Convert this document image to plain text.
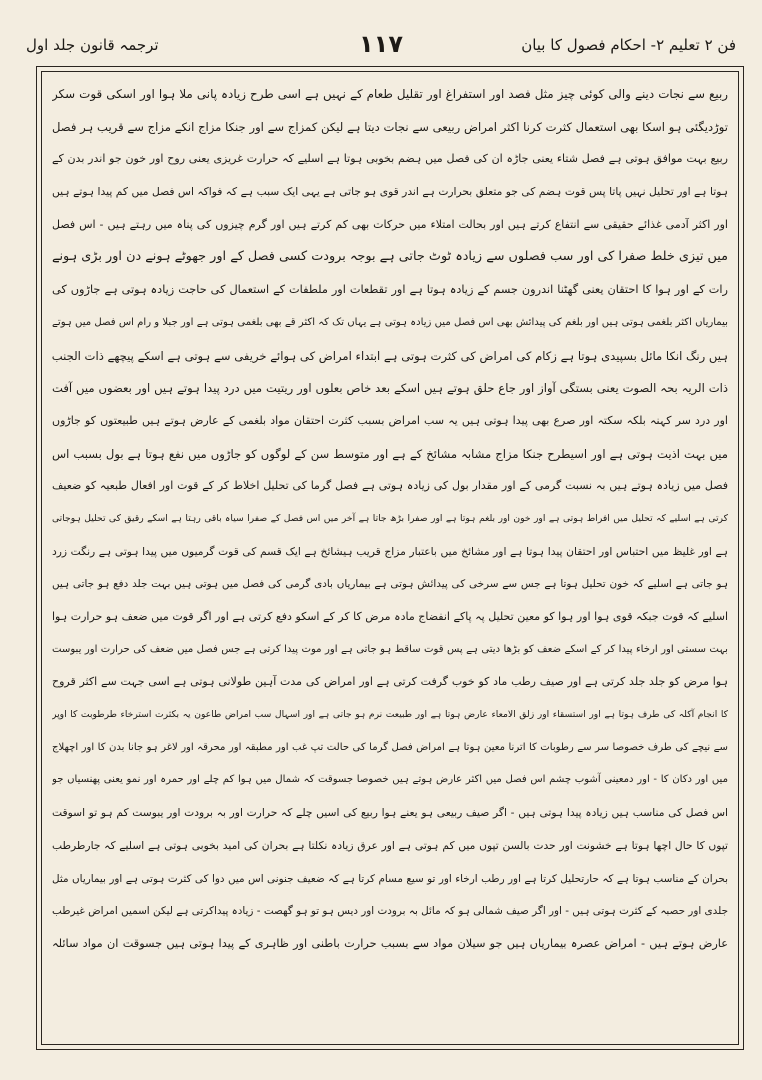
فن ۲ تعلیم ۲- احکام فصول کا بیان
۱۱۷
ترجمہ قانون جلد اول
ربیع سے نجات دینے والی کوئی چیز مثل فصد اور استفراغ اور تقلیل طعام کے نہیں ہے اسی طرح زیادہ پانی ملا ہوا اور اسکی قوت سکر
توڑدیگئی ہو اسکا بھی استعمال کثرت کرنا اکثر امراض ربیعی سے نجات دیتا ہے لیکن کمزاج سے اور جنکا مزاج انکے مزاج سے قریب ہر فصل
ربیع بہت موافق ہوتی ہے فصل شتاء یعنی جاڑہ ان کی فصل میں ہضم بخوبی ہوتا ہے اسلیے کہ حرارت غریزی یعنی روح اور خون جو اندر بدن کے
ہوتا ہے اور تحلیل نہیں پاتا پس قوت ہضم کی جو متعلق بحرارت ہے اندر قوی ہو جاتی ہے یہی ایک سبب ہے کہ فواکہ اس فصل میں کم پیدا ہوتے ہیں
اور اکثر آدمی غذائے حقیقی سے انتفاع کرتے ہیں اور بحالت امتلاء میں حرکات بھی کم کرتے ہیں اور گرم چیزوں کی پناہ میں رہتے ہیں - اس فصل
میں تیزی خلط صفرا کی اور سب فصلوں سے زیادہ ٹوٹ جاتی ہے بوجہ برودت کسی فصل کے اور جھوٹے ہونے دن اور بڑی ہونے
رات کے اور ہوا کا احتقان یعنی گھٹنا اندرون جسم کے زیادہ ہوتا ہے اور تقطعات اور ملطفات کے استعمال کی حاجت زیادہ ہوتی ہے جاڑوں کی
بیماریاں اکثر بلغمی ہوتی ہیں اور بلغم کی پیدائش بھی اس فصل میں زیادہ ہوتی ہے یہاں تک کہ اکثر قے بھی بلغمی ہوتی ہے اور جبلا و رام اس فصل میں ہوتے
ہیں رنگ انکا مائل بسپیدی ہوتا ہے زکام کی امراض کی کثرت ہوتی ہے ابتداء امراض کی ہوائے خریفی سے ہوتی ہے اسکے پیچھے ذات الجنب
ذات الریہ بحہ الصوت یعنی بستگی آواز اور جاع حلق ہوتے ہیں اسکے بعد خاص بعلوں اور ریتیت میں درد پیدا ہوتے ہیں اور بعضوں میں آفت
اور درد سر کہنہ بلکہ سکتہ اور صرع بھی پیدا ہوتی ہیں یہ سب امراض بسبب کثرت احتقان مواد بلغمی کے عارض ہوتے ہیں طبیعتوں کو جاڑوں
میں بہت اذیت ہوتی ہے اور اسیطرح جنکا مزاج مشابہ مشائخ کے ہے اور متوسط سن کے لوگوں کو جاڑوں میں نفع ہوتا ہے بول بسبب اس
فصل میں زیادہ ہوتے ہیں بہ نسبت گرمی کے اور مقدار بول کی زیادہ ہوتی ہے فصل گرما کی تحلیل اخلاط کر کے قوت اور افعال طبعیہ کو ضعیف
کرتی ہے اسلیے کہ تحلیل میں افراط ہوتی ہے اور خون اور بلغم ہوتا ہے اور صفرا بڑھ جاتا ہے آخر میں اس فصل کے صفرا سیاہ باقی رہتا ہے اسکے رقیق کی تحلیل ہوجاتی
ہے اور غلیظ میں احتباس اور احتقان پیدا ہوتا ہے اور مشائخ میں باعتبار مزاج قریب ہیشائخ ہے ایک قسم کی قوت گرمیوں میں پیدا ہوتی ہے رنگت زرد
ہو جاتی ہے اسلیے کہ خون تحلیل ہوتا ہے جس سے سرخی کی پیدائش ہوتی ہے بیماریاں بادی گرمی کی فصل میں ہوتی ہیں بہت جلد دفع ہو جاتی ہیں
اسلیے کہ قوت جبکہ قوی ہوا اور ہوا کو معین تحلیل پہ پاکے انفضاج مادہ مرض کا کر کے اسکو دفع کرتی ہے اور اگر قوت میں ضعف ہو حرارت ہوا
بہت سستی اور ارخاء پیدا کر کے اسکے ضعف کو بڑھا دیتی ہے پس قوت ساقط ہو جاتی ہے اور موت پیدا کرتی ہے جس فصل میں ضعف کی حرارت اور یبوست
ہوا مرض کو جلد جلد کرتی ہے اور صیف رطب ماد کو خوب گرفت کرتی ہے اور امراض کی مدت آہین طولانی ہوتی ہے اسی جہت سے اکثر قروح
کا انجام آکلہ کی طرف ہوتا ہے اور استسقاء اور زلق الامعاء عارض ہوتا ہے اور طبیعت نرم ہو جاتی ہے اور اسہال سب امراض طاعون یہ بکثرت استرخاء طرطوبت کا اوپر
سے نیچے کی طرف خصوصا سر سے رطوبات کا اترنا معین ہوتا ہے امراض فصل گرما کی حالت تپ غب اور مطبقہ اور محرقہ اور لاغر ہو جانا بدن کا اور اچھلاج
میں اور دکان کا - اور دمعینی آشوب چشم اس فصل میں اکثر عارض ہوتے ہیں خصوصا جسوقت کہ شمال میں ہوا کم چلے اور حمرہ اور نمو یعنی پھنسیاں جو
اس فصل کی مناسب ہیں زیادہ پیدا ہوتی ہیں - اگر صیف ربیعی ہو یعنے ہوا ربیع کی اسیں چلے کہ حرارت اور بہ برودت اور یبوست کم ہو تو اسوقت
تپوں کا حال اچھا ہوتا ہے خشونت اور حدت بالسن تپوں میں کم ہوتی ہے اور عرق زیادہ نکلتا ہے بحران کی امید بخوبی ہوتی ہے اسلیے کہ جارطرطب
بحران کے مناسب ہوتا ہے کہ حارتحلیل کرتا ہے اور رطب ارخاء اور تو سیع مسام کرتا ہے کہ ضعیف جنونی اس میں دوا کی کثرت ہوتی ہے اور بیماریاں مثل
جلدی اور حصبہ کے کثرت ہوتی ہیں - اور اگر صیف شمالی ہو کہ مائل بہ برودت اور دیس ہو تو ہو گھصت - زیادہ پیداکرتی ہے لیکن اسمیں امراض غیرطب
عارض ہوتے ہیں - امراض عصرہ بیماریاں ہیں جو سیلان مواد سے بسبب حرارت باطنی اور ظاہری کے پیدا ہوتی ہیں جسوقت ان مواد سائلہ
